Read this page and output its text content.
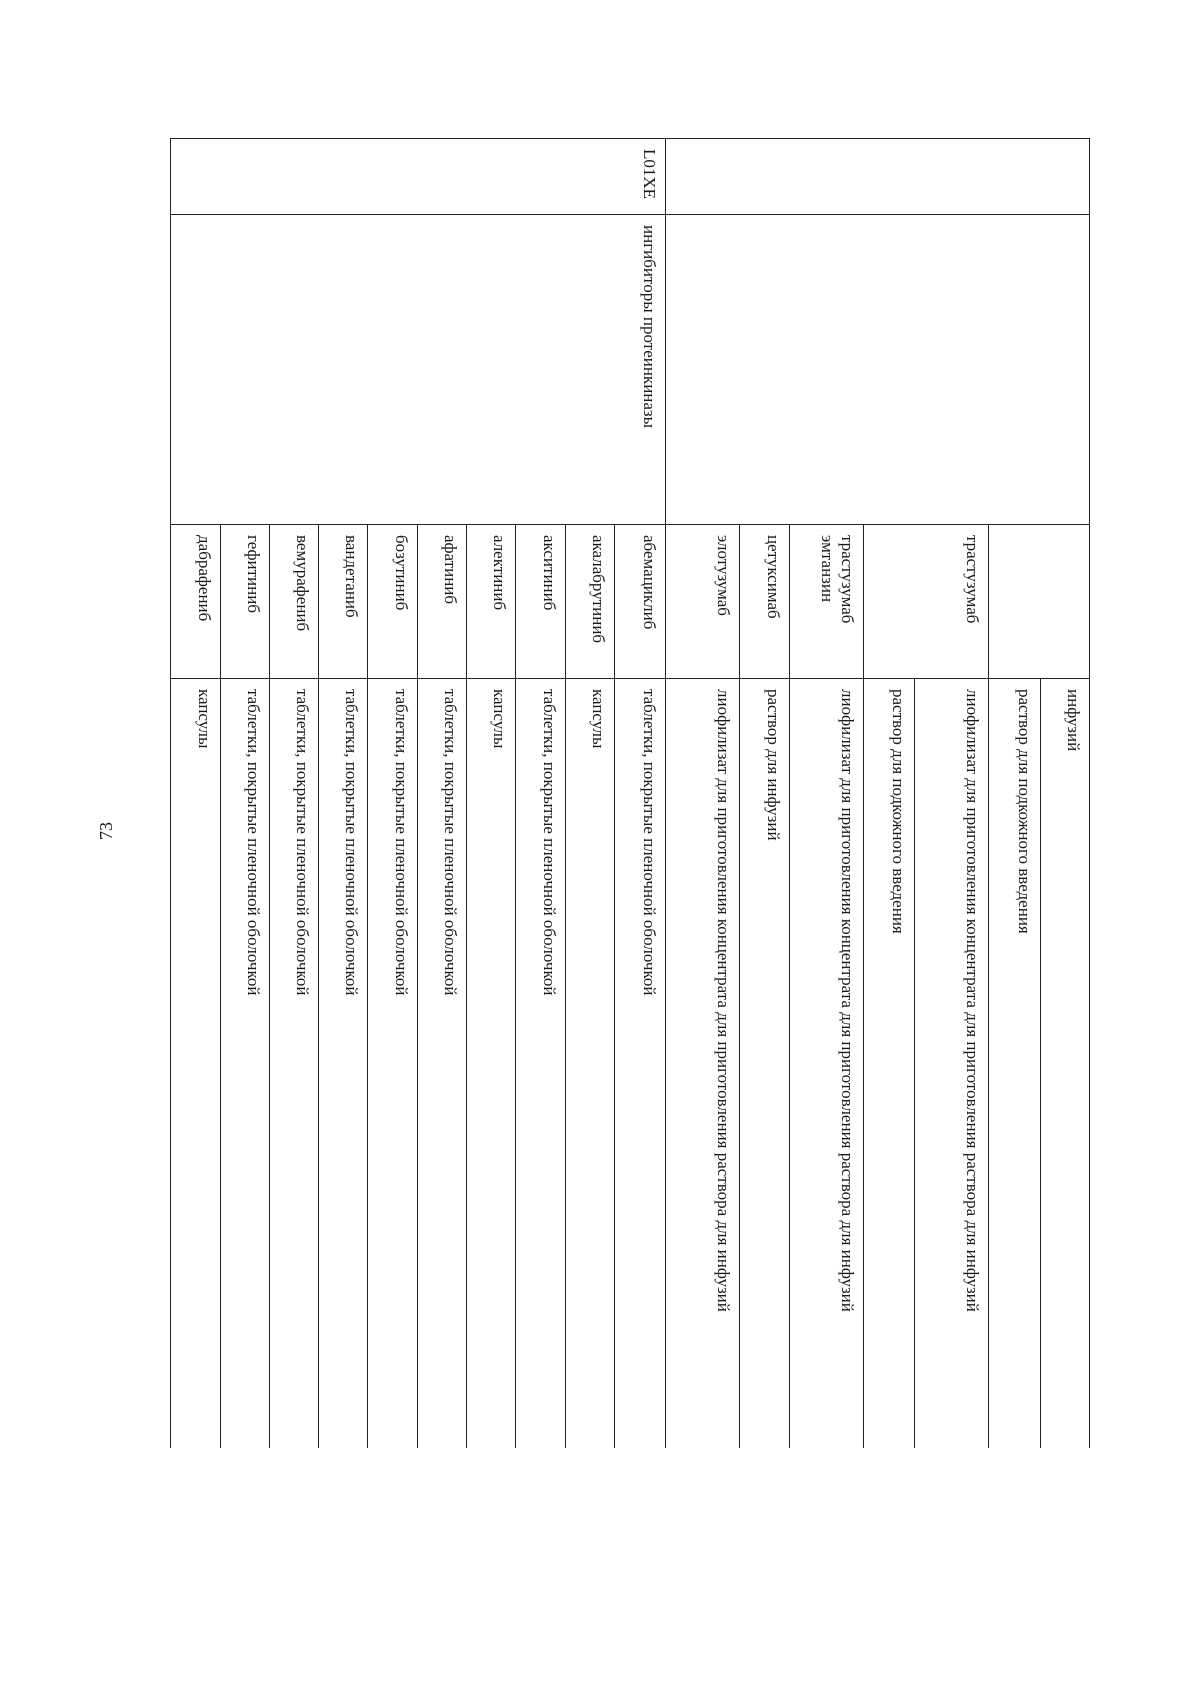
73
			инфузий
			раствор для подкожного введения
		трастузумаб	лиофилизат для приготовления концентрата для приготовления раствора для инфузий
			раствор для подкожного введения
		трастузумаб эмтанзин	лиофилизат для приготовления концентрата для приготовления раствора для инфузий
		цетуксимаб	раствор для инфузий
		элотузумаб	лиофилизат для приготовления концентрата для приготовления раствора для инфузий
L01XE	ингибиторы протеинкиназы	абемациклиб	таблетки, покрытые пленочной оболочкой
		акалабрутиниб	капсулы
		акситиниб	таблетки, покрытые пленочной оболочкой
		алектиниб	капсулы
		афатиниб	таблетки, покрытые пленочной оболочкой
		бозутиниб	таблетки, покрытые пленочной оболочкой
		вандетаниб	таблетки, покрытые пленочной оболочкой
		вемурафениб	таблетки, покрытые пленочной оболочкой
		гефитиниб	таблетки, покрытые пленочной оболочкой
		дабрафениб	капсулы
